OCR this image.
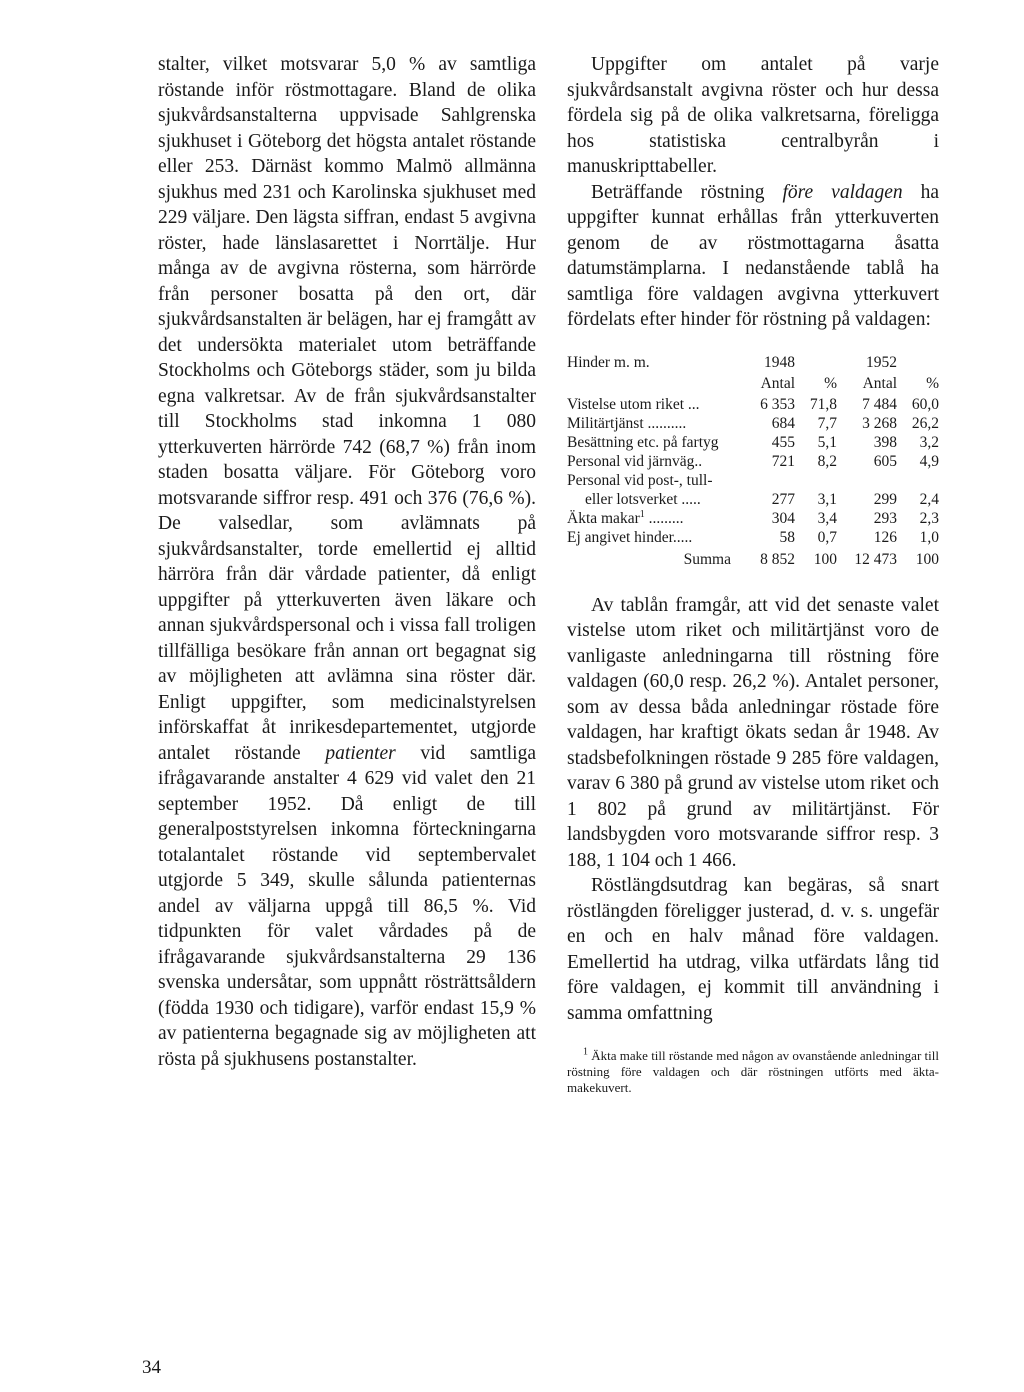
stalter, vilket motsvarar 5,0 % av samtliga röstande inför röstmottagare. Bland de olika sjukvårdsanstalterna uppvisade Sahlgrenska sjukhuset i Göteborg det högsta antalet röstande eller 253. Därnäst kommo Malmö allmänna sjukhus med 231 och Karolinska sjukhuset med 229 väljare. Den lägsta siffran, endast 5 avgivna röster, hade länslasarettet i Norrtälje. Hur många av de avgivna rösterna, som härrörde från personer bosatta på den ort, där sjukvårdsanstalten är belägen, har ej framgått av det undersökta materialet utom beträffande Stockholms och Göteborgs städer, som ju bilda egna valkretsar. Av de från sjukvårdsanstalter till Stockholms stad inkomna 1 080 ytterkuverten härrörde 742 (68,7 %) från inom staden bosatta väljare. För Göteborg voro motsvarande siffror resp. 491 och 376 (76,6 %). De valsedlar, som avlämnats på sjukvårdsanstalter, torde emellertid ej alltid härröra från där vårdade patienter, då enligt uppgifter på ytterkuverten även läkare och annan sjukvårdspersonal och i vissa fall troligen tillfälliga besökare från annan ort begagnat sig av möjligheten att avlämna sina röster där. Enligt uppgifter, som medicinalstyrelsen införskaffat åt inrikesdepartementet, utgjorde antalet röstande patienter vid samtliga ifrågavarande anstalter 4 629 vid valet den 21 september 1952. Då enligt de till generalpoststyrelsen inkomna förteckningarna totalantalet röstande vid septembervalet utgjorde 5 349, skulle sålunda patienternas andel av väljarna uppgå till 86,5 %. Vid tidpunkten för valet vårdades på de ifrågavarande sjukvårdsanstalterna 29 136 svenska undersåtar, som uppnått rösträttsåldern (födda 1930 och tidigare), varför endast 15,9 % av patienterna begagnade sig av möjligheten att rösta på sjukhusens postanstalter.

Uppgifter om antalet på varje sjukvårdsanstalt avgivna röster och hur dessa fördela sig på de olika valkretsarna, föreligga hos statistiska centralbyrån i manuskripttabeller.

Beträffande röstning före valdagen ha uppgifter kunnat erhållas från ytterkuverten genom de av röstmottagarna åsatta datumstämplarna. I nedanstående tablå ha samtliga före valdagen avgivna ytterkuvert fördelats efter hinder för röstning på valdagen:

Hinder m. m.	1948		1952	
	Antal	%	Antal	%
Vistelse utom riket ...	6 353	71,8	7 484	60,0
Militärtjänst ..........	684	7,7	3 268	26,2
Besättning etc. på fartyg	455	5,1	398	3,2
Personal vid järnväg..	721	8,2	605	4,9
Personal vid post-, tull-				
eller lotsverket .....	277	3,1	299	2,4
Äkta makar$^1$ .........	304	3,4	293	2,3
Ej angivet hinder.....	58	0,7	126	1,0
Summa	8 852	100	12 473	100

Av tablån framgår, att vid det senaste valet vistelse utom riket och militärtjänst voro de vanligaste anledningarna till röstning före valdagen (60,0 resp. 26,2 %). Antalet personer, som av dessa båda anledningar röstade före valdagen, har kraftigt ökats sedan år 1948. Av stadsbefolkningen röstade 9 285 före valdagen, varav 6 380 på grund av vistelse utom riket och 1 802 på grund av militärtjänst. För landsbygden voro motsvarande siffror resp. 3 188, 1 104 och 1 466.

Röstlängdsutdrag kan begäras, så snart röstlängden föreligger justerad, d. v. s. ungefär en och en halv månad före valdagen. Emellertid ha utdrag, vilka utfärdats lång tid före valdagen, ej kommit till användning i samma omfattning

$^1$ Äkta make till röstande med någon av ovanstående anledningar till röstning före valdagen och där röstningen utförts med äkta-makekuvert.

34
